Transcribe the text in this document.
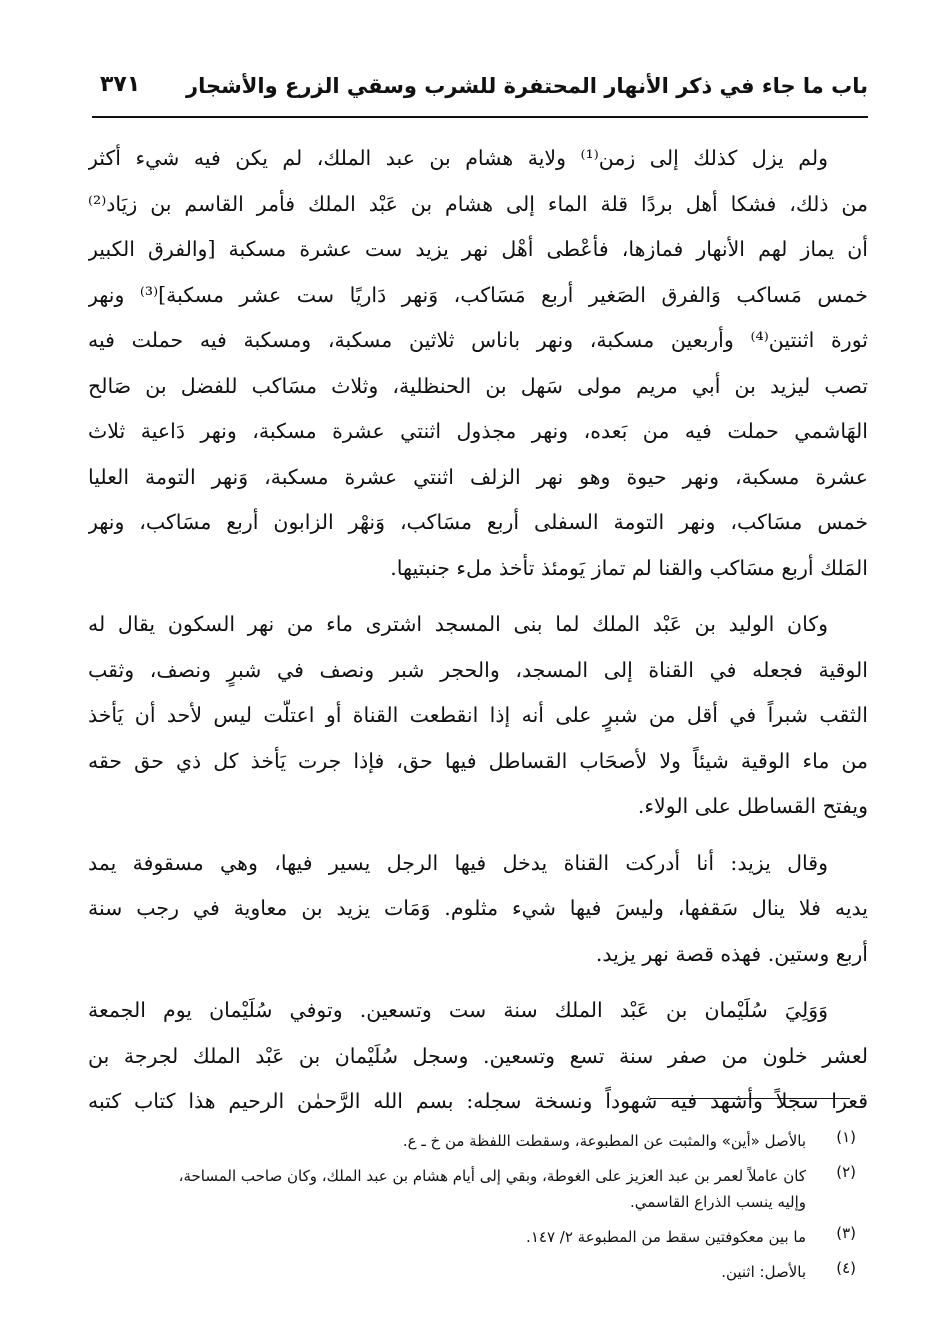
باب ما جاء في ذكر الأنهار المحتفرة للشرب وسقي الزرع والأشجار
٣٧١
ولم يزل كذلك إلى زمن⁽¹⁾ ولاية هشام بن عبد الملك، لم يكن فيه شيء أكثر
من ذلك، فشكا أهل بردًا قلة الماء إلى هشام بن عَبْد الملك فأمر القاسم بن زيَاد⁽²⁾
أن يماز لهم الأنهار فمازها، فأعْطى أهْل نهر يزيد ست عشرة مسكبة [والفرق الكبير
خمس مَساكب وَالفرق الصَغير أربع مَسَاكب، وَنهر دَاريًا ست عشر مسكبة]⁽³⁾ ونهر
ثورة اثنتين⁽⁴⁾ وأربعين مسكبة، ونهر باناس ثلاثين مسكبة، ومسكبة فيه حملت فيه
تصب ليزيد بن أبي مريم مولى سَهل بن الحنظلية، وثلاث مسَاكب للفضل بن صَالح
الهَاشمي حملت فيه من بَعده، ونهر مجذول اثنتي عشرة مسكبة، ونهر دَاعية ثلاث
عشرة مسكبة، ونهر حيوة وهو نهر الزلف اثنتي عشرة مسكبة، وَنهر التومة العليا
خمس مسَاكب، ونهر التومة السفلى أربع مسَاكب، وَنهْر الزابون أربع مسَاكب، ونهر
المَلك أربع مسَاكب والقنا لم تماز يَومئذ تأخذ ملء جنبتيها.
وكان الوليد بن عَبْد الملك لما بنى المسجد اشترى ماء من نهر السكون يقال له
الوقية فجعله في القناة إلى المسجد، والحجر شبر ونصف في شبرٍ ونصف، وثقب
الثقب شبراً في أقل من شبرٍ على أنه إذا انقطعت القناة أو اعتلّت ليس لأحد أن يَأخذ
من ماء الوقية شيئاً ولا لأصحَاب القساطل فيها حق، فإذا جرت يَأخذ كل ذي حق حقه
ويفتح القساطل على الولاء.
وقال يزيد: أنا أدركت القناة يدخل فيها الرجل يسير فيها، وهي مسقوفة يمد
يديه فلا ينال سَقفها، وليسَ فيها شيء مثلوم. وَمَات يزيد بن معاوية في رجب سنة
أربع وستين. فهذه قصة نهر يزيد.
وَوَلِيَ سُلَيْمان بن عَبْد الملك سنة ست وتسعين. وتوفي سُلَيْمان يوم الجمعة
لعشر خلون من صفر سنة تسع وتسعين. وسجل سُلَيْمان بن عَبْد الملك لجرجة بن
قعرا سجلاً وأشهد فيه شهوداً ونسخة سجله: بسم الله الرَّحمٰن الرحيم هذا كتاب كتبه
(١)
بالأصل «أين» والمثبت عن المطبوعة، وسقطت اللفظة من خ ـ ع.
(٢)
كان عاملاً لعمر بن عبد العزيز على الغوطة، وبقي إلى أيام هشام بن عبد الملك، وكان صاحب المساحة،
وإليه ينسب الذراع القاسمي.
(٣)
ما بين معكوفتين سقط من المطبوعة ٢/ ١٤٧.
(٤)
بالأصل: اثنين.
